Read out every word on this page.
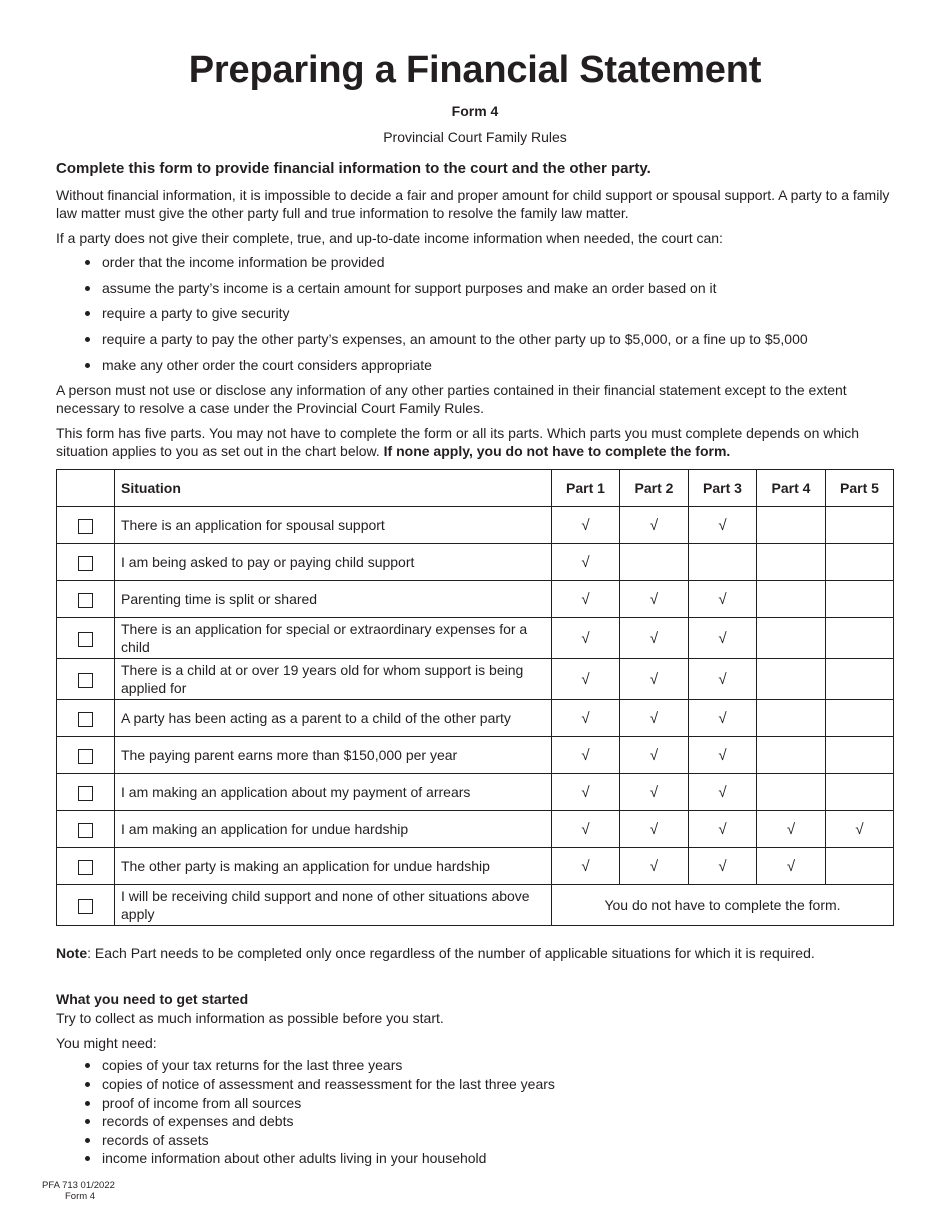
Preparing a Financial Statement
Form 4
Provincial Court Family Rules
Complete this form to provide financial information to the court and the other party.

Without financial information, it is impossible to decide a fair and proper amount for child support or spousal support. A party to a family law matter must give the other party full and true information to resolve the family law matter.

If a party does not give their complete, true, and up-to-date income information when needed, the court can:

order that the income information be provided
assume the party’s income is a certain amount for support purposes and make an order based on it
require a party to give security
require a party to pay the other party’s expenses, an amount to the other party up to $5,000, or a fine up to $5,000
make any other order the court considers appropriate

A person must not use or disclose any information of any other parties contained in their financial statement except to the extent necessary to resolve a case under the Provincial Court Family Rules.

This form has five parts. You may not have to complete the form or all its parts. Which parts you must complete depends on which situation applies to you as set out in the chart below. If none apply, you do not have to complete the form.

	Situation	Part 1	Part 2	Part 3	Part 4	Part 5
	There is an application for spousal support	√	√	√		
	I am being asked to pay or paying child support	√				
	Parenting time is split or shared	√	√	√		
	There is an application for special or extraordinary expenses for a child	√	√	√		
	There is a child at or over 19 years old for whom support is being applied for	√	√	√		
	A party has been acting as a parent to a child of the other party	√	√	√		
	The paying parent earns more than $150,000 per year	√	√	√		
	I am making an application about my payment of arrears	√	√	√		
	I am making an application for undue hardship	√	√	√	√	√
	The other party is making an application for undue hardship	√	√	√	√	
	I will be receiving child support and none of other situations above apply	You do not have to complete the form.				

Note: Each Part needs to be completed only once regardless of the number of applicable situations for which it is required.

What you need to get started

Try to collect as much information as possible before you start.

You might need:

copies of your tax returns for the last three years
copies of notice of assessment and reassessment for the last three years
proof of income from all sources
records of expenses and debts
records of assets
income information about other adults living in your household
PFA 713 01/2022
Form 4
